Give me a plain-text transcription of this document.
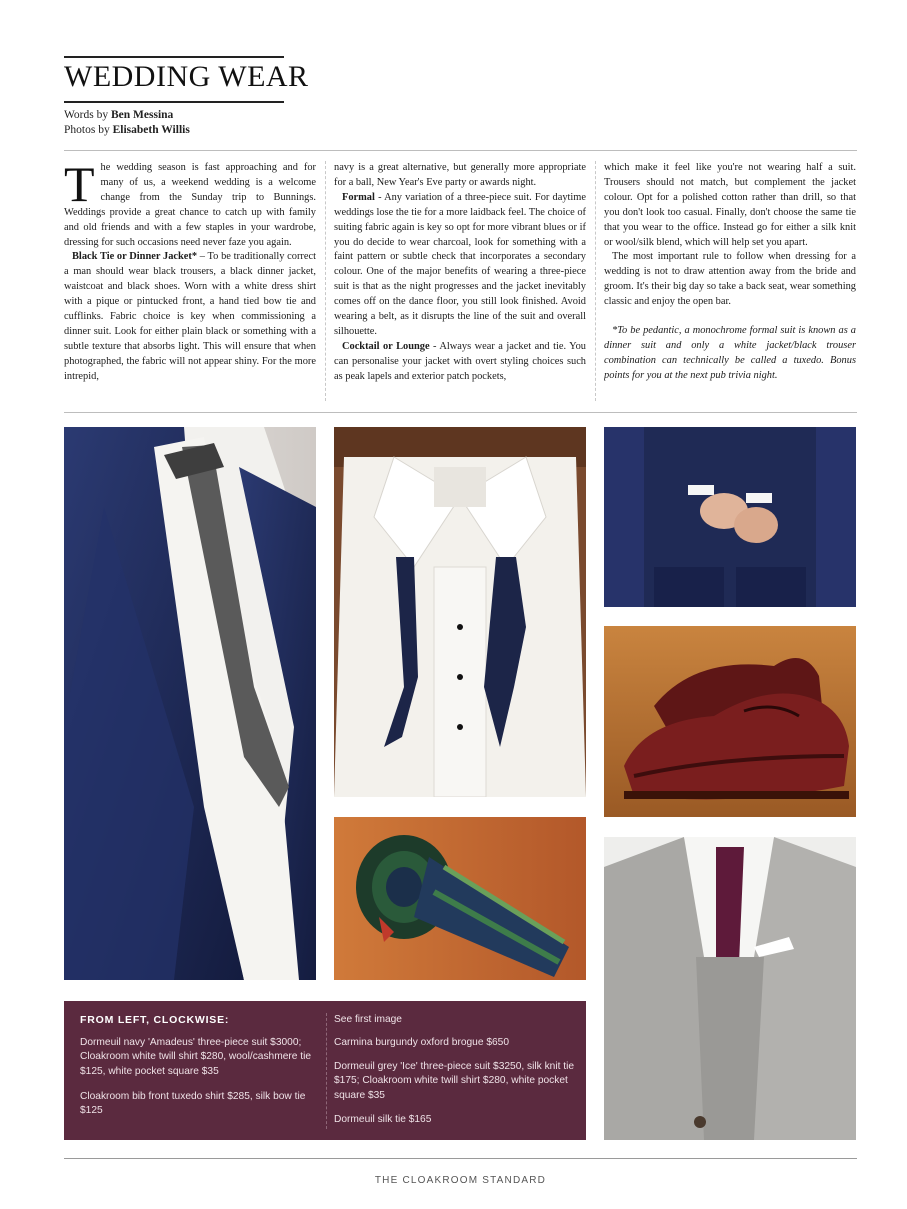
WEDDING WEAR
Words by Ben Messina
Photos by Elisabeth Willis

The wedding season is fast approaching and for many of us, a weekend wedding is a welcome change from the Sunday trip to Bunnings. Weddings provide a great chance to catch up with family and old friends and with a few staples in your wardrobe, dressing for such occasions need never faze you again.

Black Tie or Dinner Jacket* – To be traditionally correct a man should wear black trousers, a black dinner jacket, waistcoat and black shoes. Worn with a white dress shirt with a pique or pintucked front, a hand tied bow tie and cufflinks. Fabric choice is key when commissioning a dinner suit. Look for either plain black or something with a subtle texture that absorbs light. This will ensure that when photographed, the fabric will not appear shiny. For the more intrepid,

navy is a great alternative, but generally more appropriate for a ball, New Year's Eve party or awards night.

Formal - Any variation of a three-piece suit. For daytime weddings lose the tie for a more laidback feel. The choice of suiting fabric again is key so opt for more vibrant blues or if you do decide to wear charcoal, look for something with a faint pattern or subtle check that incorporates a secondary colour. One of the major benefits of wearing a three-piece suit is that as the night progresses and the jacket inevitably comes off on the dance floor, you still look finished. Avoid wearing a belt, as it disrupts the line of the suit and overall silhouette.

Cocktail or Lounge - Always wear a jacket and tie. You can personalise your jacket with overt styling choices such as peak lapels and exterior patch pockets,

which make it feel like you're not wearing half a suit. Trousers should not match, but complement the jacket colour. Opt for a polished cotton rather than drill, so that you don't look too casual. Finally, don't choose the same tie that you wear to the office. Instead go for either a silk knit or wool/silk blend, which will help set you apart.

The most important rule to follow when dressing for a wedding is not to draw attention away from the bride and groom. It's their big day so take a back seat, wear something classic and enjoy the open bar.

*To be pedantic, a monochrome formal suit is known as a dinner suit and only a white jacket/black trouser combination can technically be called a tuxedo. Bonus points for you at the next pub trivia night.

FROM LEFT, CLOCKWISE:
Dormeuil navy 'Amadeus' three-piece suit $3000; Cloakroom white twill shirt $280, wool/cashmere tie $125, white pocket square $35
Cloakroom bib front tuxedo shirt $285, silk bow tie $125
See first image
Carmina burgundy oxford brogue $650
Dormeuil grey 'Ice' three-piece suit $3250, silk knit tie $175; Cloakroom white twill shirt $280, white pocket square $35
Dormeuil silk tie $165
THE CLOAKROOM STANDARD
